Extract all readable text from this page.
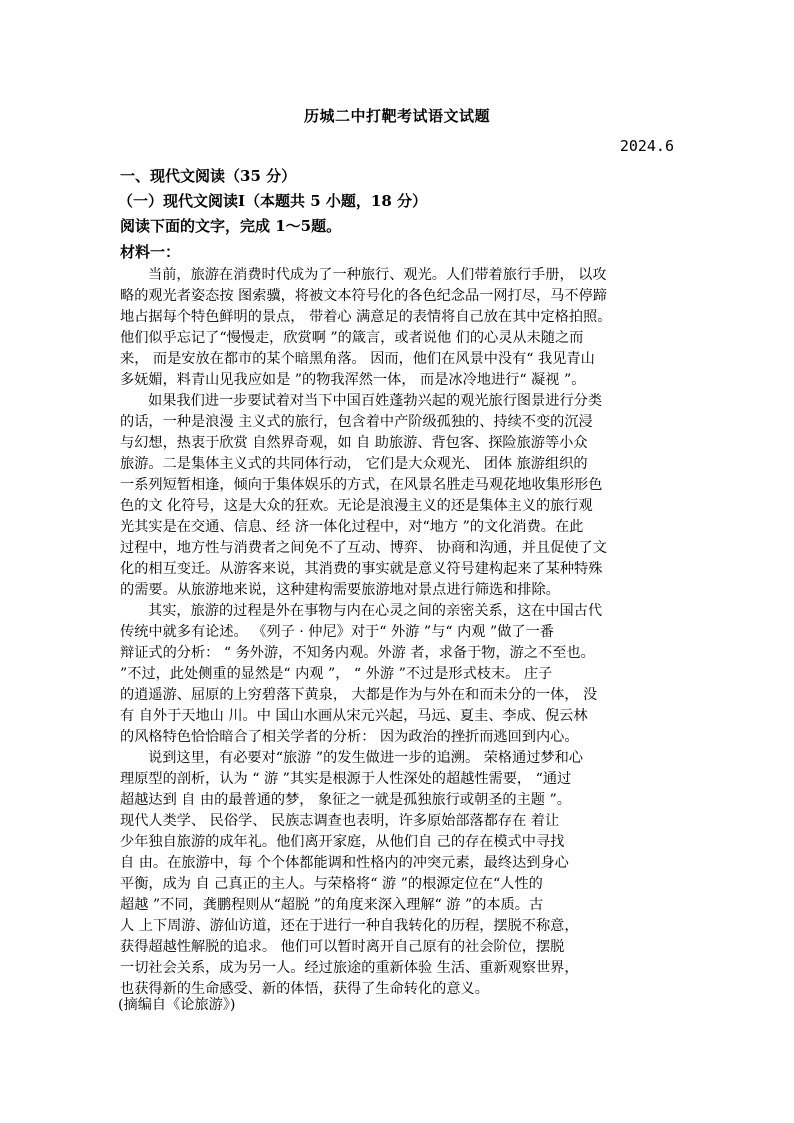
历城二中打靶考试语文试题
2024.6
一、现代文阅读（35 分）
（一）现代文阅读Ⅰ（本题共 5 小题，18 分）
阅读下面的文字，完成 1～5题。
材料一：
当前，旅游在消费时代成为了一种旅行、观光。人们带着旅行手册， 以攻
略的观光者姿态按 图索骥，将被文本符号化的各色纪念品一网打尽，马不停蹄
地占据每个特色鲜明的景点， 带着心 满意足的表情将自己放在其中定格拍照。
他们似乎忘记了“慢慢走，欣赏啊 ”的箴言，或者说他 们的心灵从未随之而
来， 而是安放在都市的某个暗黑角落。 因而，他们在风景中没有“ 我见青山
多妩媚，料青山见我应如是 ”的物我浑然一体， 而是冰冷地进行“ 凝视 ”。
如果我们进一步要试着对当下中国百姓蓬勃兴起的观光旅行图景进行分类
的话，一种是浪漫 主义式的旅行，包含着中产阶级孤独的、持续不变的沉浸
与幻想，热衷于欣赏 自然界奇观，如 自 助旅游、背包客、探险旅游等小众
旅游。二是集体主义式的共同体行动， 它们是大众观光、 团体 旅游组织的
一系列短暂相逢，倾向于集体娱乐的方式，在风景名胜走马观花地收集形形色
色的文 化符号，这是大众的狂欢。无论是浪漫主义的还是集体主义的旅行观
光其实是在交通、信息、经 济一体化过程中，对“地方 ”的文化消费。在此
过程中，地方性与消费者之间免不了互动、博弈、 协商和沟通，并且促使了文
化的相互变迁。从游客来说，其消费的事实就是意义符号建构起来了某种特殊
的需要。从旅游地来说，这种建构需要旅游地对景点进行筛选和排除。
其实，旅游的过程是外在事物与内在心灵之间的亲密关系，这在中国古代
传统中就多有论述。 《列子 · 仲尼》对于“ 外游 ”与“ 内观 ”做了一番
辩证式的分析： “ 务外游，不知务内观。外游 者，求备于物，游之不至也。
”不过，此处侧重的显然是“ 内观 ”， “ 外游 ”不过是形式枝末。 庄子
的逍遥游、屈原的上穷碧落下黄泉， 大都是作为与外在和而未分的一体， 没
有 自外于天地山 川。中 国山水画从宋元兴起，马远、夏圭、李成、倪云林
的风格特色恰恰暗合了相关学者的分析： 因为政治的挫折而逃回到内心。
说到这里，有必要对“旅游 ”的发生做进一步的追溯。 荣格通过梦和心
理原型的剖析，认为 “ 游 ”其实是根源于人性深处的超越性需要， “通过
超越达到 自 由的最普通的梦， 象征之一就是孤独旅行或朝圣的主题 ”。
现代人类学、 民俗学、 民族志调查也表明，许多原始部落都存在 着让
少年独自旅游的成年礼。他们离开家庭，从他们自 己的存在模式中寻找
自 由。在旅游中，每 个个体都能调和性格内的冲突元素，最终达到身心
平衡，成为 自 己真正的主人。与荣格将“ 游 ”的根源定位在“人性的
超越 ”不同，龚鹏程则从“超脱 ”的角度来深入理解“ 游 ”的本质。古
人 上下周游、游仙访道，还在于进行一种自我转化的历程，摆脱不称意，
获得超越性解脱的追求。 他们可以暂时离开自己原有的社会阶位，摆脱
一切社会关系，成为另一人。经过旅途的重新体验 生活、重新观察世界，
也获得新的生命感受、新的体悟，获得了生命转化的意义。
(摘编自《论旅游》)
